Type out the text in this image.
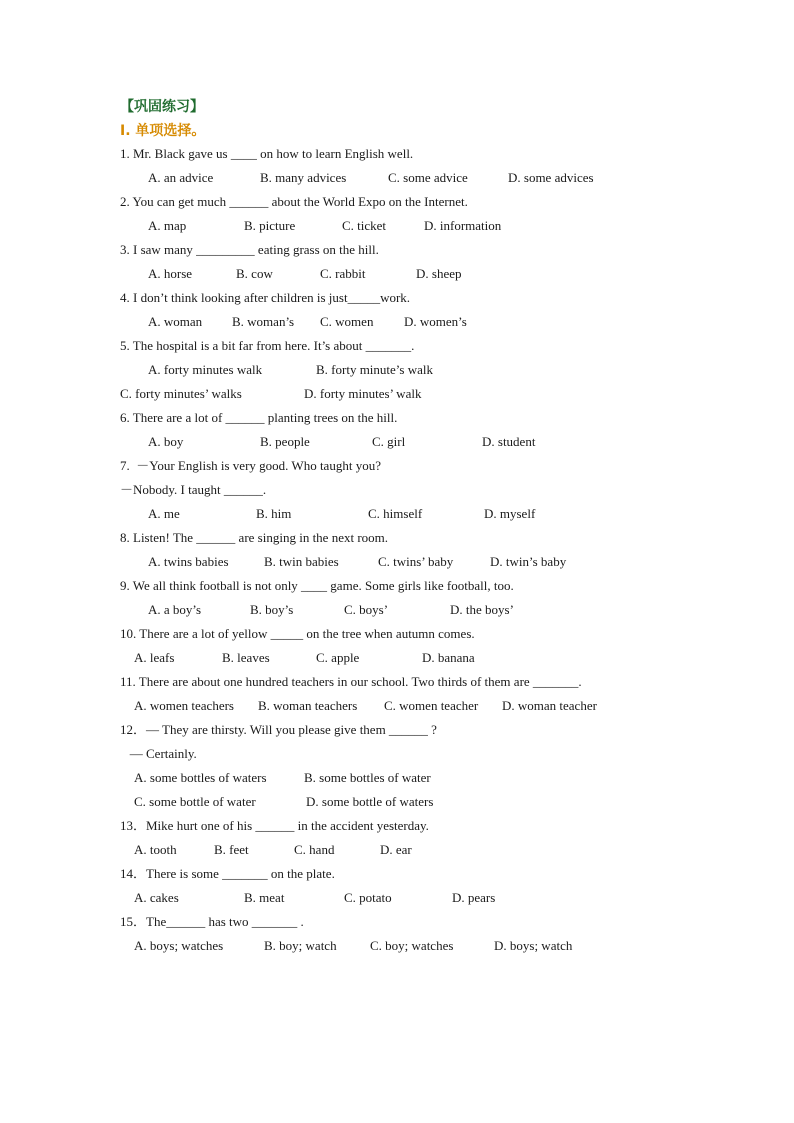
【巩固练习】
I. 单项选择。
1. Mr. Black gave us ____ on how to learn English well.
A. an advice	B. many advices	C. some advice	D. some advices
2. You can get much ______ about the World Expo on the Internet.
A. map	B. picture	C. ticket	D. information
3. I saw many _________ eating grass on the hill.
A. horse	B. cow	C. rabbit	D. sheep
4. I don’t think looking after children is just_____work.
A. woman B. woman’s C. women D. women’s
5. The hospital is a bit far from here. It’s about _______.
A. forty minutes walk	B. forty minute’s walk
C. forty minutes’ walks	D. forty minutes’ walk
6. There are a lot of ______ planting trees on the hill.
A. boy	B. people	C. girl	D. student
7.  －Your English is very good. Who taught you?
－Nobody. I taught ______.
A. me	B. him	C. himself	D. myself
8. Listen! The ______ are singing in the next room.
A. twins babies	B. twin babies	C. twins’ baby	D. twin’s baby
9. We all think football is not only ____ game. Some girls like football, too.
A. a boy’s	B. boy’s	C. boys’	D. the boys’
10. There are a lot of yellow _____ on the tree when autumn comes.
A. leafs	B. leaves	C. apple	D. banana
11. There are about one hundred teachers in our school. Two thirds of them are _______.
A. women teachers B. woman teachers C. women teacher D. woman teacher
12．— They are thirsty. Will you please give them ______ ?
— Certainly.
A. some bottles of waters	B. some bottles of water
C. some bottle of water	D. some bottle of waters
13．Mike hurt one of his ______ in the accident yesterday.
A. tooth	B. feet	C. hand	D. ear
14．There is some _______ on the plate.
A. cakes	B. meat	C. potato	D. pears
15．The______ has two _______ .
A. boys; watches	B. boy; watch	C. boy; watches	D. boys; watch
